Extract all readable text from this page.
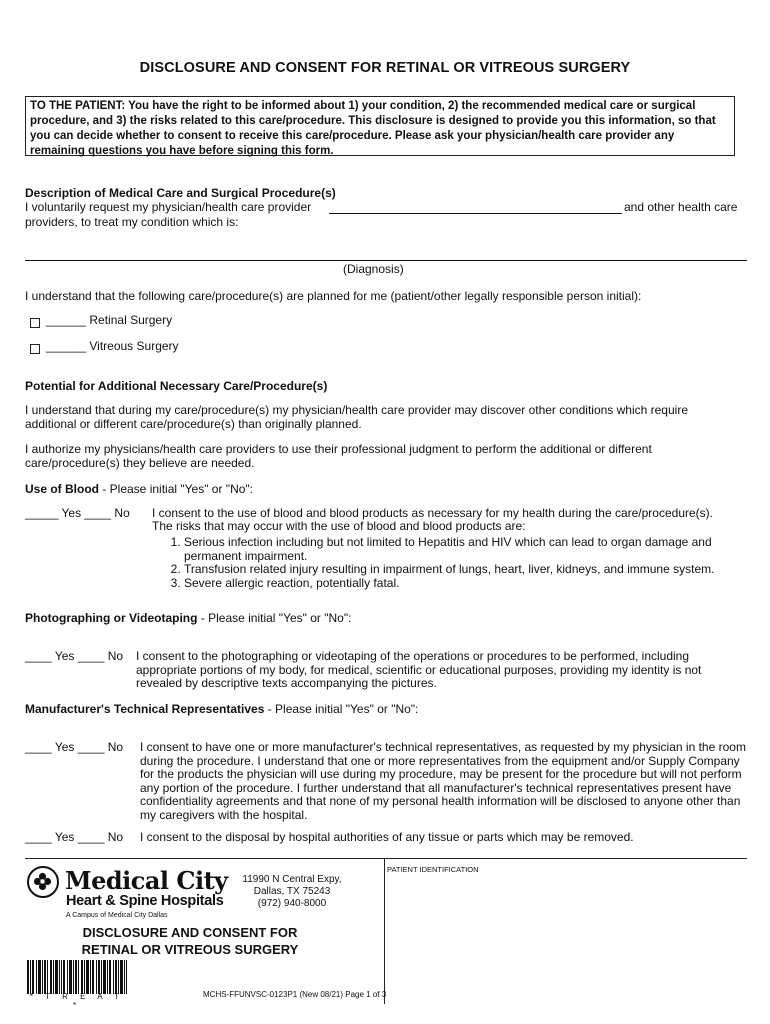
DISCLOSURE AND CONSENT FOR RETINAL OR VITREOUS SURGERY
TO THE PATIENT: You have the right to be informed about 1) your condition, 2) the recommended medical care or surgical procedure, and 3) the risks related to this care/procedure. This disclosure is designed to provide you this information, so that you can decide whether to consent to receive this care/procedure. Please ask your physician/health care provider any remaining questions you have before signing this form.
Description of Medical Care and Surgical Procedure(s)
I voluntarily request my physician/health care provider	and other health care
providers, to treat my condition which is:
(Diagnosis)
I understand that the following care/procedure(s) are planned for me (patient/other legally responsible person initial):
______ Retinal Surgery
______ Vitreous Surgery
Potential for Additional Necessary Care/Procedure(s)
I understand that during my care/procedure(s) my physician/health care provider may discover other conditions which require additional or different care/procedure(s) than originally planned.
I authorize my physicians/health care providers to use their professional judgment to perform the additional or different care/procedure(s) they believe are needed.
Use of Blood - Please initial "Yes" or "No":
_____ Yes ____ No I consent to the use of blood and blood products as necessary for my health during the care/procedure(s).
The risks that may occur with the use of blood and blood products are:
1. Serious infection including but not limited to Hepatitis and HIV which can lead to organ damage and permanent impairment.
2. Transfusion related injury resulting in impairment of lungs, heart, liver, kidneys, and immune system.
3. Severe allergic reaction, potentially fatal.
Photographing or Videotaping - Please initial "Yes" or "No":
____ Yes ____ No I consent to the photographing or videotaping of the operations or procedures to be performed, including appropriate portions of my body, for medical, scientific or educational purposes, providing my identity is not revealed by descriptive texts accompanying the pictures.
Manufacturer's Technical Representatives - Please initial "Yes" or "No":
____ Yes ____ No I consent to have one or more manufacturer's technical representatives, as requested by my physician in the room during the procedure. I understand that one or more representatives from the equipment and/or Supply Company for the products the physician will use during my procedure, may be present for the procedure but will not perform any portion of the procedure. I further understand that all manufacturer's technical representatives present have confidentiality agreements and that none of my personal health information will be disclosed to anyone other than my caregivers with the hospital.
____ Yes ____ No I consent to the disposal by hospital authorities of any tissue or parts which may be removed.
Medical City
Heart & Spine Hospitals
A Campus of Medical City Dallas
11990 N Central Expy,
Dallas, TX 75243
(972) 940-8000
DISCLOSURE AND CONSENT FOR
RETINAL OR VITREOUS SURGERY
* T R E A T *
MCHS-FFUNVSC-0123P1 (New 08/21) Page 1 of 3
PATIENT IDENTIFICATION
